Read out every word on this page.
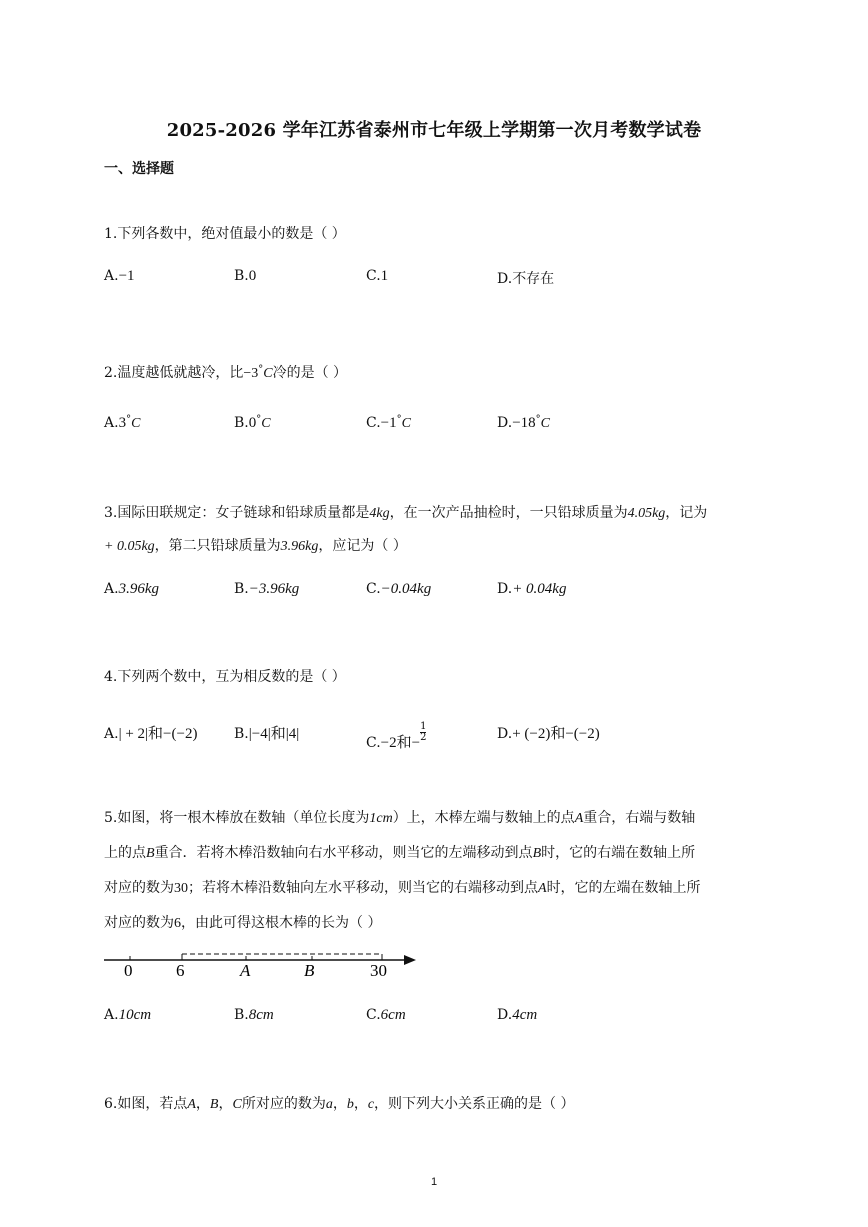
2025-2026 学年江苏省泰州市七年级上学期第一次月考数学试卷
一、选择题
1.下列各数中，绝对值最小的数是（ ）
A.−1	B.0	C.1	D.不存在
2.温度越低就越冷，比−3°C冷的是（ ）
A.3°C	B.0°C	C.−1°C	D.−18°C
3.国际田联规定：女子链球和铅球质量都是4kg，在一次产品抽检时，一只铅球质量为4.05kg，记为
+ 0.05kg，第二只铅球质量为3.96kg，应记为（ ）
A.3.96kg	B.−3.96kg	C.−0.04kg	D.+ 0.04kg
4.下列两个数中，互为相反数的是（ ）
A.| + 2|和−(−2)	B.|−4|和|4|
C.−2和− $\frac{1}{2}$	D.+ (−2)和−(−2)
5.如图，将一根木棒放在数轴（单位长度为1cm）上，木棒左端与数轴上的点A重合，右端与数轴
上的点B重合．若将木棒沿数轴向右水平移动，则当它的左端移动到点B时，它的右端在数轴上所
对应的数为30；若将木棒沿数轴向左水平移动，则当它的右端移动到点A时，它的左端在数轴上所
对应的数为6，由此可得这根木棒的长为（ ）
0	6	A	B	30
A.10cm	B.8cm	C.6cm	D.4cm
6.如图，若点A，B，C所对应的数为a，b，c，则下列大小关系正确的是（ ）
1
